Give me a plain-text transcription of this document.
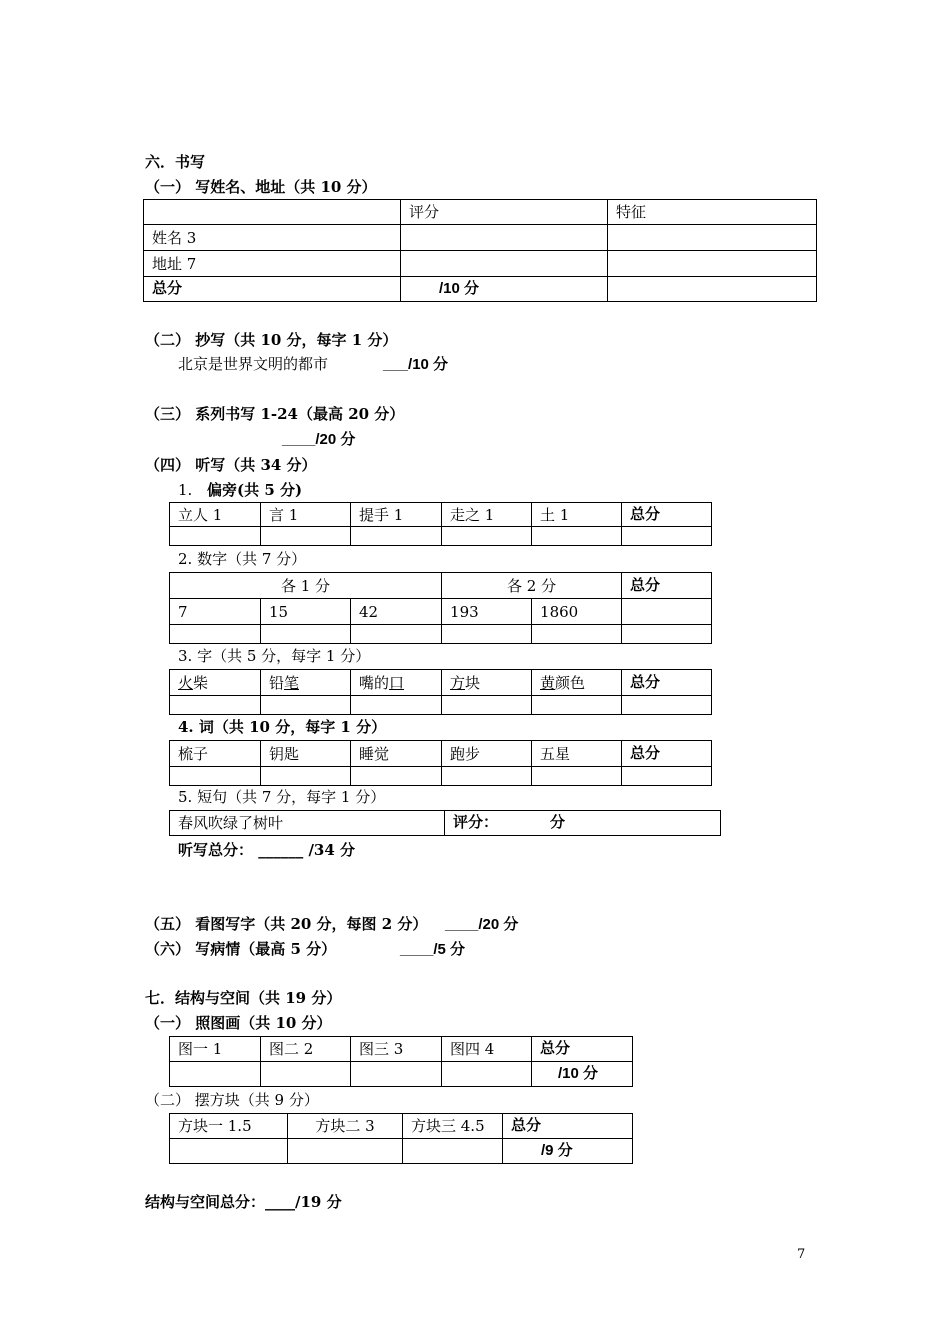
六．书写
（一） 写姓名、地址（共 10 分）
	评分	特征
姓名 3		
地址 7		
总分	/10 分	
（二） 抄写（共 10 分，每字 1 分）
北京是世界文明的都市	___/10 分
（三） 系列书写 1-24（最高 20 分）
____/20 分
（四） 听写（共 34 分）
1. 偏旁(共 5 分)
立人 1	言 1	提手 1	走之 1	土 1	总分

2. 数字（共 7 分）
各 1 分			各 2 分		总分
7	15	42	193	1860	

3. 字（共 5 分，每字 1 分）
火柴	铅笔	嘴的口	方块	黄颜色	总分

4. 词（共 10 分，每字 1 分）
梳子	钥匙	睡觉	跑步	五星	总分

5. 短句（共 7 分，每字 1 分）
春风吹绿了树叶	评分：	分
听写总分： ______ /34 分
（五） 看图写字（共 20 分，每图 2 分） ____/20 分
（六） 写病情（最高 5 分）	____/5 分
七．结构与空间（共 19 分）
（一） 照图画（共 10 分）
图一 1	图二 2	图三 3	图四 4	总分
				/10 分
（二） 摆方块（共 9 分）
方块一 1.5	方块二 3	方块三 4.5	总分
			/9 分
结构与空间总分：____/19 分
7
